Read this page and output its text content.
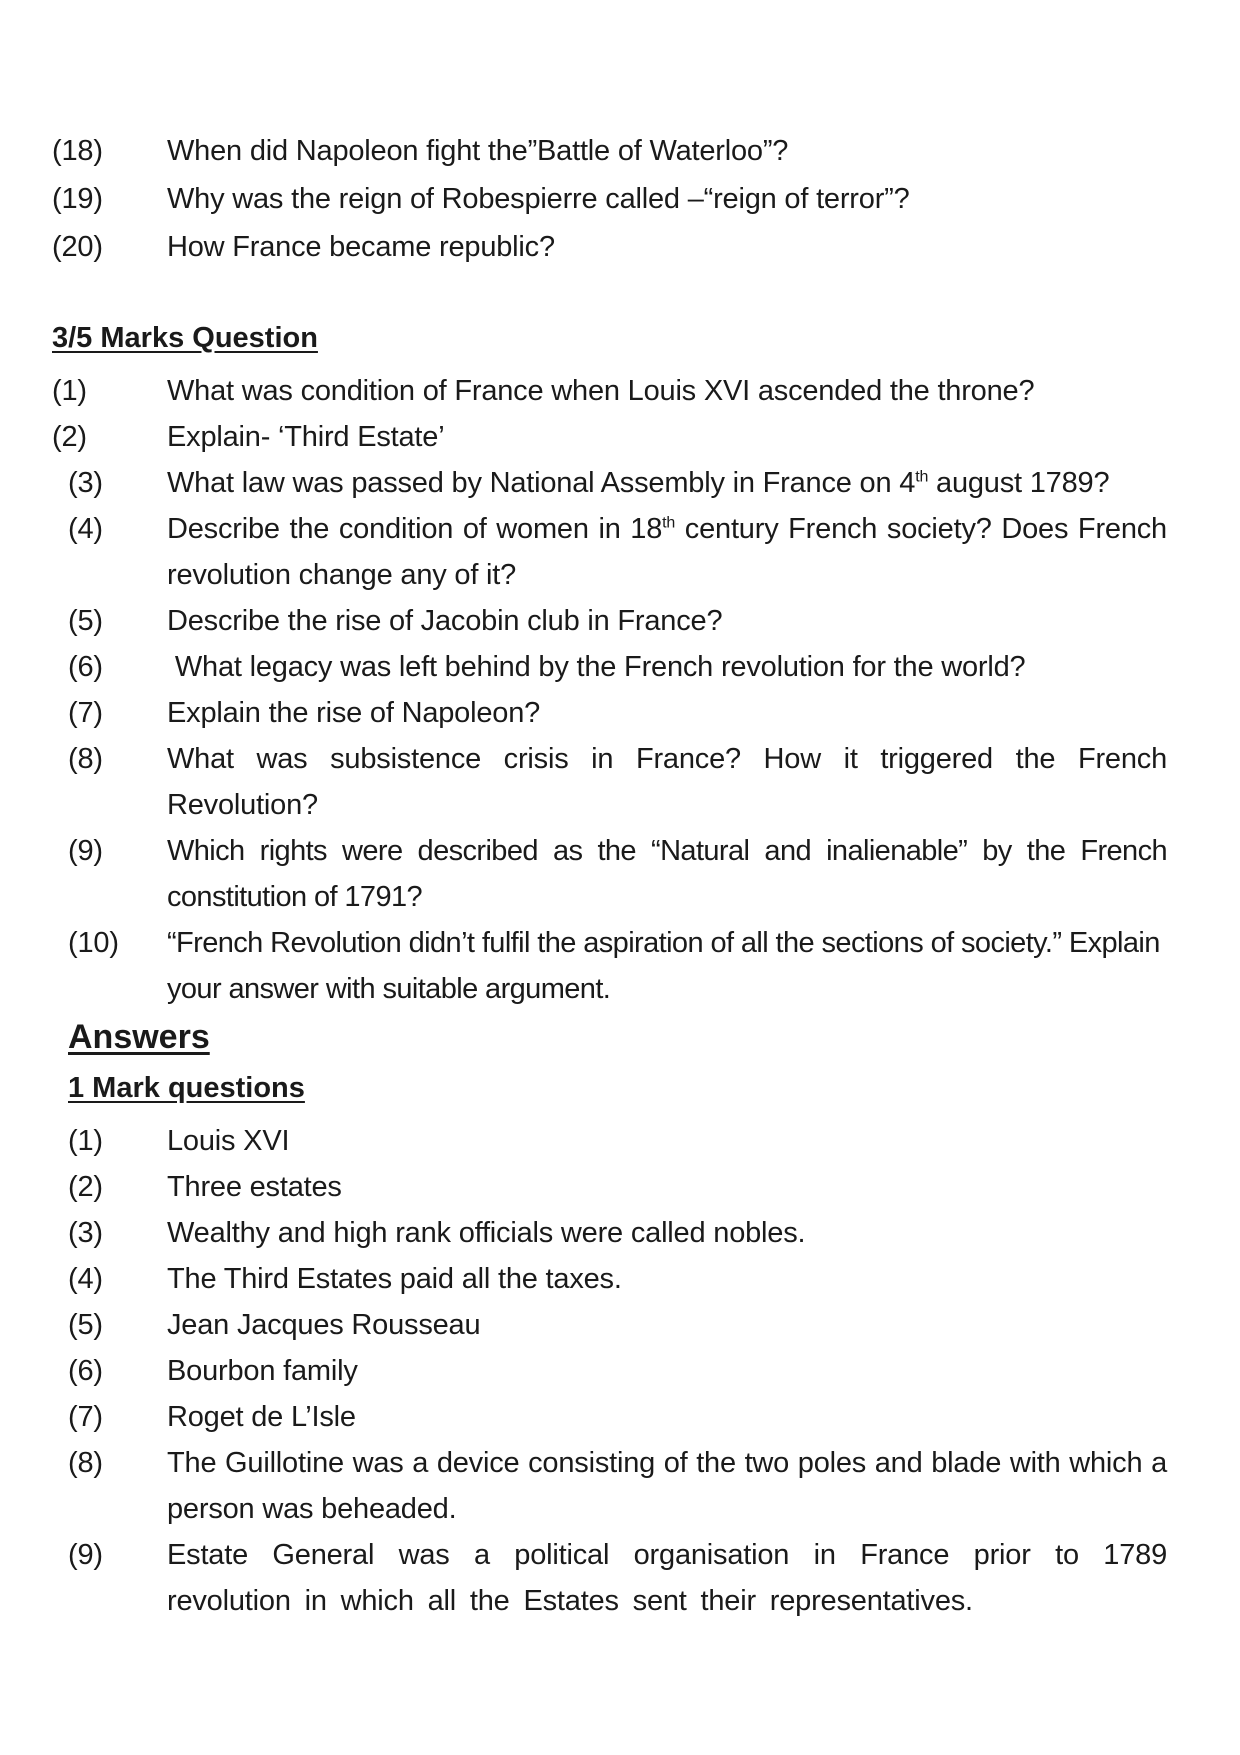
(18) When did Napoleon fight the”Battle of Waterloo”?
(19) Why was the reign of Robespierre called –“reign of terror”?
(20) How France became republic?
3/5 Marks Question
(1)	What was condition of France when Louis XVI ascended the throne?
(2)	Explain- ‘Third Estate’
(3) What law was passed by National Assembly in France on 4th august 1789?
(4) Describe the condition of women in 18th century French society? Does French revolution change any of it?
(5) Describe the rise of Jacobin club in France?
(6) What legacy was left behind by the French revolution for the world?
(7) Explain the rise of Napoleon?
(8) What was subsistence crisis in France? How it triggered the French Revolution?
(9) Which rights were described as the “Natural and inalienable” by the French constitution of 1791?
(10) “French Revolution didn’t fulfil the aspiration of all the sections of society.” Explain your answer with suitable argument.
Answers
1 Mark questions
(1) Louis XVI
(2) Three estates
(3) Wealthy and high rank officials were called nobles.
(4) The Third Estates paid all the taxes.
(5) Jean Jacques Rousseau
(6) Bourbon family
(7) Roget de L’Isle
(8) The Guillotine was a device consisting of the two poles and blade with which a person was beheaded.
(9) Estate General was a political organisation in France prior to 1789 revolution in which all the Estates sent their representatives.
